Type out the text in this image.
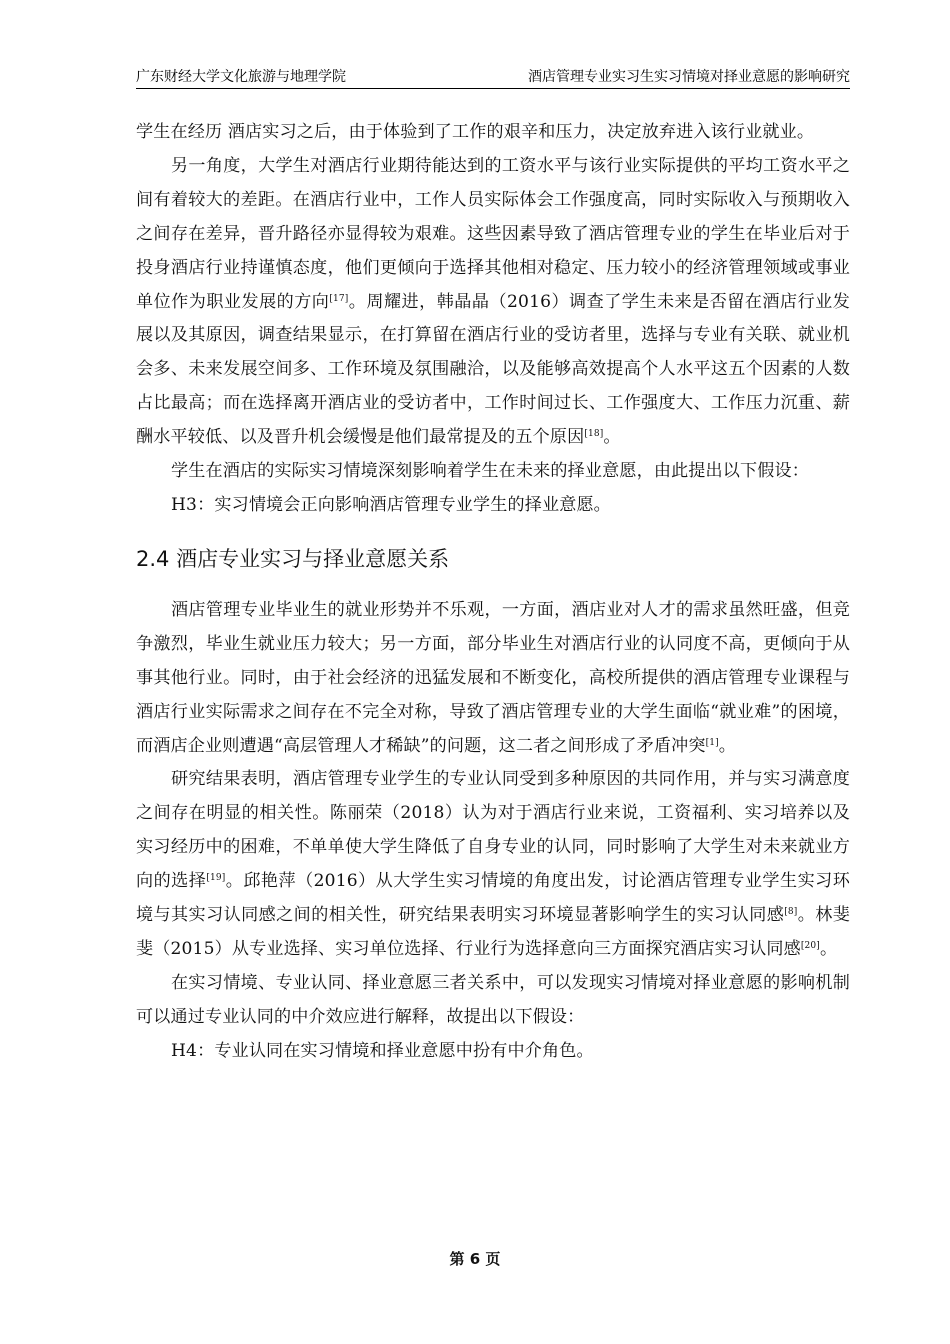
广东财经大学文化旅游与地理学院	酒店管理专业实习生实习情境对择业意愿的影响研究

学生在经历 酒店实习之后，由于体验到了工作的艰辛和压力，决定放弃进入该行业就业。

另一角度，大学生对酒店行业期待能达到的工资水平与该行业实际提供的平均工资水平之间有着较大的差距。在酒店行业中，工作人员实际体会工作强度高，同时实际收入与预期收入之间存在差异，晋升路径亦显得较为艰难。这些因素导致了酒店管理专业的学生在毕业后对于投身酒店行业持谨慎态度，他们更倾向于选择其他相对稳定、压力较小的经济管理领域或事业单位作为职业发展的方向[17]。周耀进，韩晶晶（2016）调查了学生未来是否留在酒店行业发展以及其原因，调查结果显示，在打算留在酒店行业的受访者里，选择与专业有关联、就业机会多、未来发展空间多、工作环境及氛围融洽，以及能够高效提高个人水平这五个因素的人数占比最高；而在选择离开酒店业的受访者中，工作时间过长、工作强度大、工作压力沉重、薪酬水平较低、以及晋升机会缓慢是他们最常提及的五个原因[18]。

学生在酒店的实际实习情境深刻影响着学生在未来的择业意愿，由此提出以下假设：

H3：实习情境会正向影响酒店管理专业学生的择业意愿。

2.4 酒店专业实习与择业意愿关系

酒店管理专业毕业生的就业形势并不乐观，一方面，酒店业对人才的需求虽然旺盛，但竞争激烈，毕业生就业压力较大；另一方面，部分毕业生对酒店行业的认同度不高，更倾向于从事其他行业。同时，由于社会经济的迅猛发展和不断变化，高校所提供的酒店管理专业课程与酒店行业实际需求之间存在不完全对称，导致了酒店管理专业的大学生面临“就业难”的困境，而酒店企业则遭遇“高层管理人才稀缺”的问题，这二者之间形成了矛盾冲突[1]。

研究结果表明，酒店管理专业学生的专业认同受到多种原因的共同作用，并与实习满意度之间存在明显的相关性。陈丽荣（2018）认为对于酒店行业来说，工资福利、实习培养以及实习经历中的困难，不单单使大学生降低了自身专业的认同，同时影响了大学生对未来就业方向的选择[19]。邱艳萍（2016）从大学生实习情境的角度出发，讨论酒店管理专业学生实习环境与其实习认同感之间的相关性，研究结果表明实习环境显著影响学生的实习认同感[8]。林斐斐（2015）从专业选择、实习单位选择、行业行为选择意向三方面探究酒店实习认同感[20]。

在实习情境、专业认同、择业意愿三者关系中，可以发现实习情境对择业意愿的影响机制可以通过专业认同的中介效应进行解释，故提出以下假设：

H4：专业认同在实习情境和择业意愿中扮有中介角色。

第 6 页
